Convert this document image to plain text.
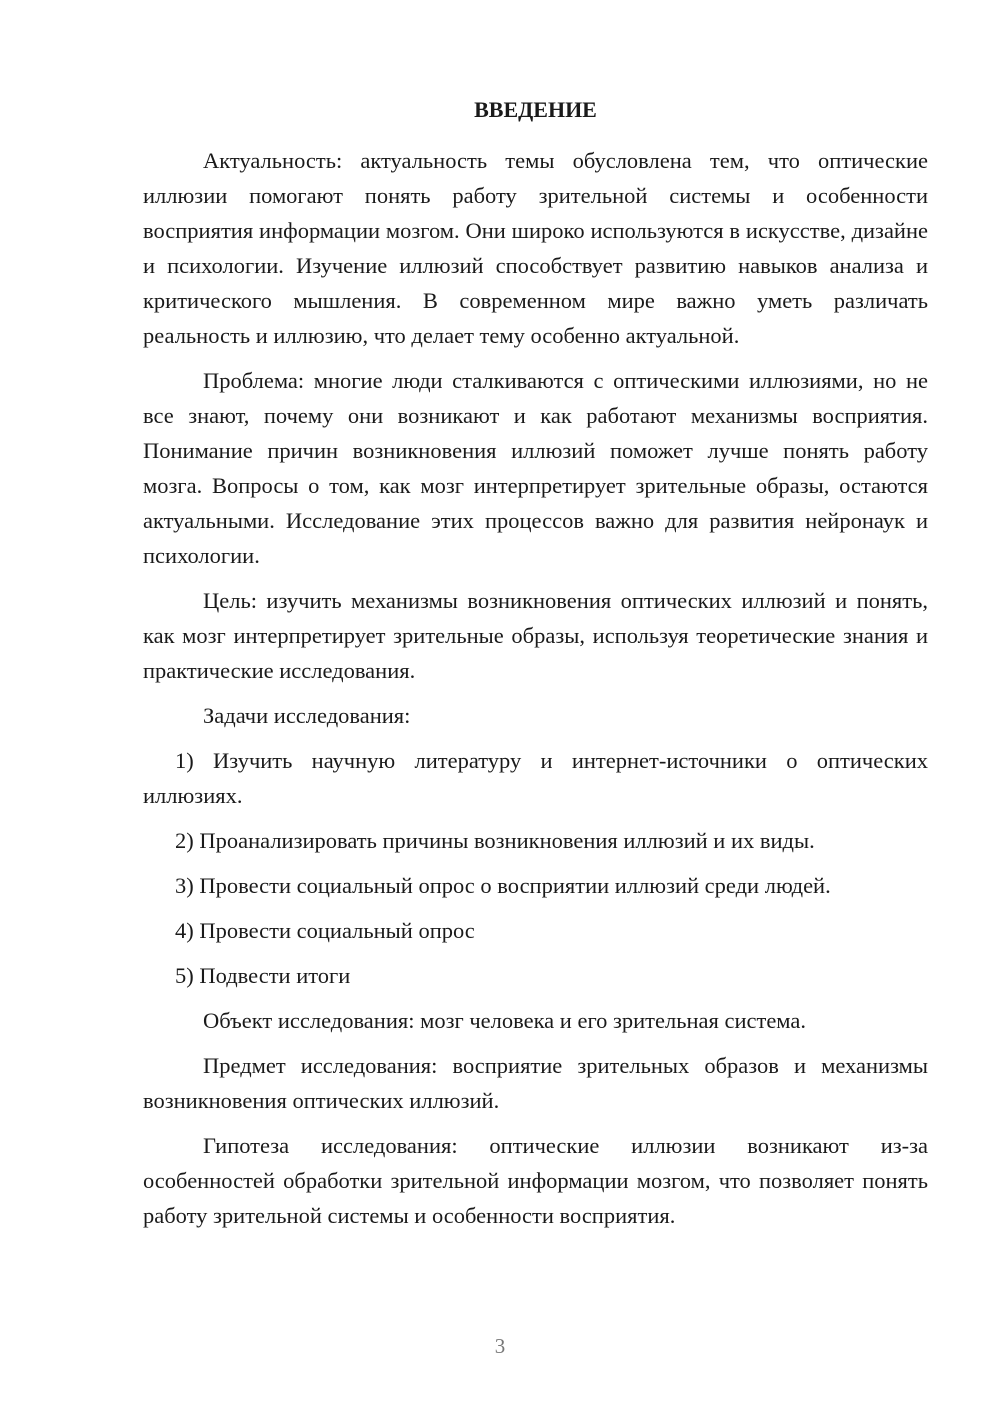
ВВЕДЕНИЕ

Актуальность: актуальность темы обусловлена тем, что оптические иллюзии помогают понять работу зрительной системы и особенности восприятия информации мозгом. Они широко используются в искусстве, дизайне и психологии. Изучение иллюзий способствует развитию навыков анализа и критического мышления. В современном мире важно уметь различать реальность и иллюзию, что делает тему особенно актуальной.

Проблема: многие люди сталкиваются с оптическими иллюзиями, но не все знают, почему они возникают и как работают механизмы восприятия. Понимание причин возникновения иллюзий поможет лучше понять работу мозга. Вопросы о том, как мозг интерпретирует зрительные образы, остаются актуальными. Исследование этих процессов важно для развития нейронаук и психологии.

Цель: изучить механизмы возникновения оптических иллюзий и понять, как мозг интерпретирует зрительные образы, используя теоретические знания и практические исследования.

Задачи исследования:

1) Изучить научную литературу и интернет-источники о оптических иллюзиях.

2) Проанализировать причины возникновения иллюзий и их виды.

3) Провести социальный опрос о восприятии иллюзий среди людей.

4) Провести социальный опрос

5) Подвести итоги

Объект исследования: мозг человека и его зрительная система.

Предмет исследования: восприятие зрительных образов и механизмы возникновения оптических иллюзий.

Гипотеза исследования: оптические иллюзии возникают из-за особенностей обработки зрительной информации мозгом, что позволяет понять работу зрительной системы и особенности восприятия.

3
